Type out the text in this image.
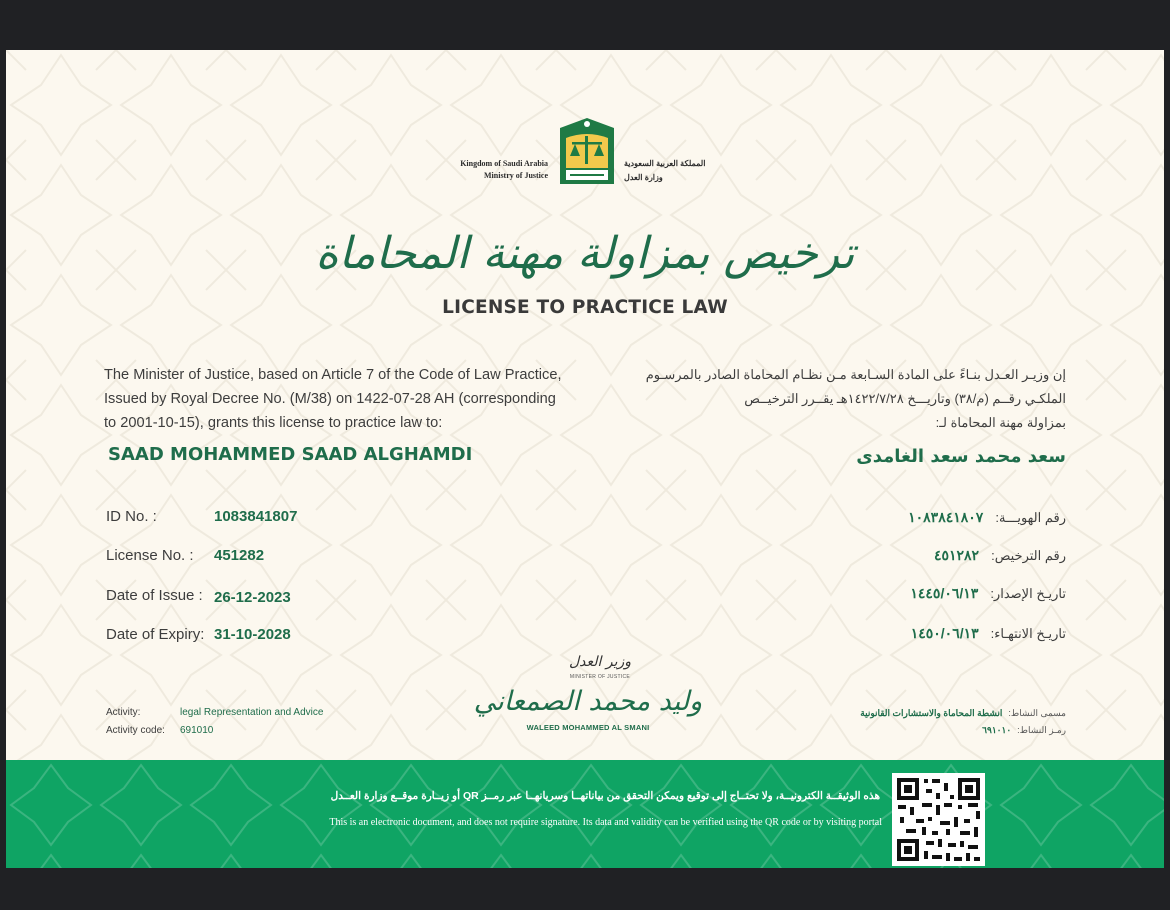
Kingdom of Saudi Arabia
Ministry of Justice
المملكة العربية السعودية
وزارة العدل
ترخيص بمزاولة مهنة المحاماة
LICENSE TO PRACTICE LAW
The Minister of Justice, based on Article 7 of the Code of Law Practice,
Issued by Royal Decree No. (M/38) on 1422-07-28 AH (corresponding
to 2001-10-15), grants this license to practice law to:
إن وزيـر العـدل بنـاءً على المادة السـابعة مـن نظـام المحاماة الصادر بالمرسـوم
الملكـي رقــم (م/٣٨) وتاريـــخ ١٤٢٢/٧/٢٨هـ يقــرر الترخيــص
بمزاولة مهنة المحاماة لـ:
SAAD MOHAMMED SAAD ALGHAMDI	سعد محمد سعد الغامدى
ID No. :	1083841807
License No. : 451282
Date of Issue : 26-12-2023
Date of Expiry: 31-10-2028
رقم الهويـــة:١٠٨٣٨٤١٨٠٧
رقم الترخيص:٤٥١٢٨٢
تاريـخ الإصدار:١٤٤٥/٠٦/١٣
تاريـخ الانتهـاء:١٤٥٠/٠٦/١٣
وزير العدل
MINISTER OF JUSTICE
وليد محمد الصمعاني
WALEED MOHAMMED AL SMANI
Activity:	legal Representation and Advice
Activity code: 691010
مسمى النشاط:انشطة المحاماة والاستشارات القانونية
رمـز النشاط:٦٩١٠١٠
هذه الوثيقــة الكترونيــة، ولا تحتــاج إلى توقيع ويمكن التحقق من بياناتهــا وسريانهــا عبر رمــز QR أو زيــارة موقــع وزارة العــدل
This is an electronic document, and does not require signature. Its data and validity can be verified using the QR code or by visiting portal
